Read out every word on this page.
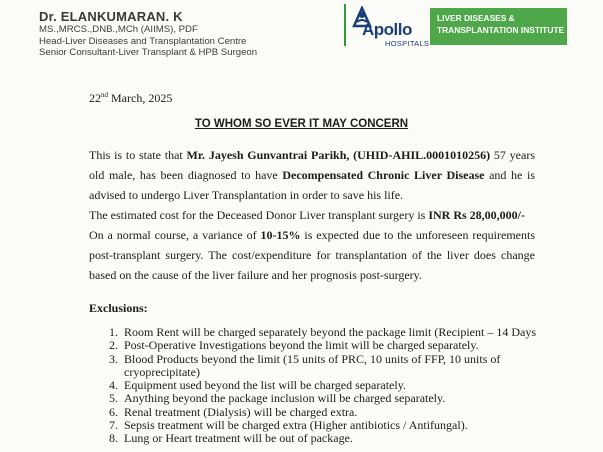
Dr. ELANKUMARAN. K
MS.,MRCS.,DNB.,MCh (AIIMS), PDF
Head-Liver Diseases and Transplantation Centre
Senior Consultant-Liver Transplant & HPB Surgeon
Apollo
HOSPITALS
LIVER DISEASES &
TRANSPLANTATION INSTITUTE
22nd March, 2025
TO WHOM SO EVER IT MAY CONCERN

This is to state that Mr. Jayesh Gunvantrai Parikh, (UHID-AHIL.0001010256) 57 years old male, has been diagnosed to have Decompensated Chronic Liver Disease and he is advised to undergo Liver Transplantation in order to save his life.

The estimated cost for the Deceased Donor Liver transplant surgery is INR Rs 28,00,000/-

On a normal course, a variance of 10-15% is expected due to the unforeseen requirements post-transplant surgery. The cost/expenditure for transplantation of the liver does change based on the cause of the liver failure and her prognosis post-surgery.

Exclusions:
1. Room Rent will be charged separately beyond the package limit (Recipient – 14 Days
2. Post-Operative Investigations beyond the limit will be charged separately.
3. Blood Products beyond the limit (15 units of PRC, 10 units of FFP, 10 units of cryoprecipitate)
4. Equipment used beyond the list will be charged separately.
5. Anything beyond the package inclusion will be charged separately.
6. Renal treatment (Dialysis) will be charged extra.
7. Sepsis treatment will be charged extra (Higher antibiotics / Antifungal).
8. Lung or Heart treatment will be out of package.
